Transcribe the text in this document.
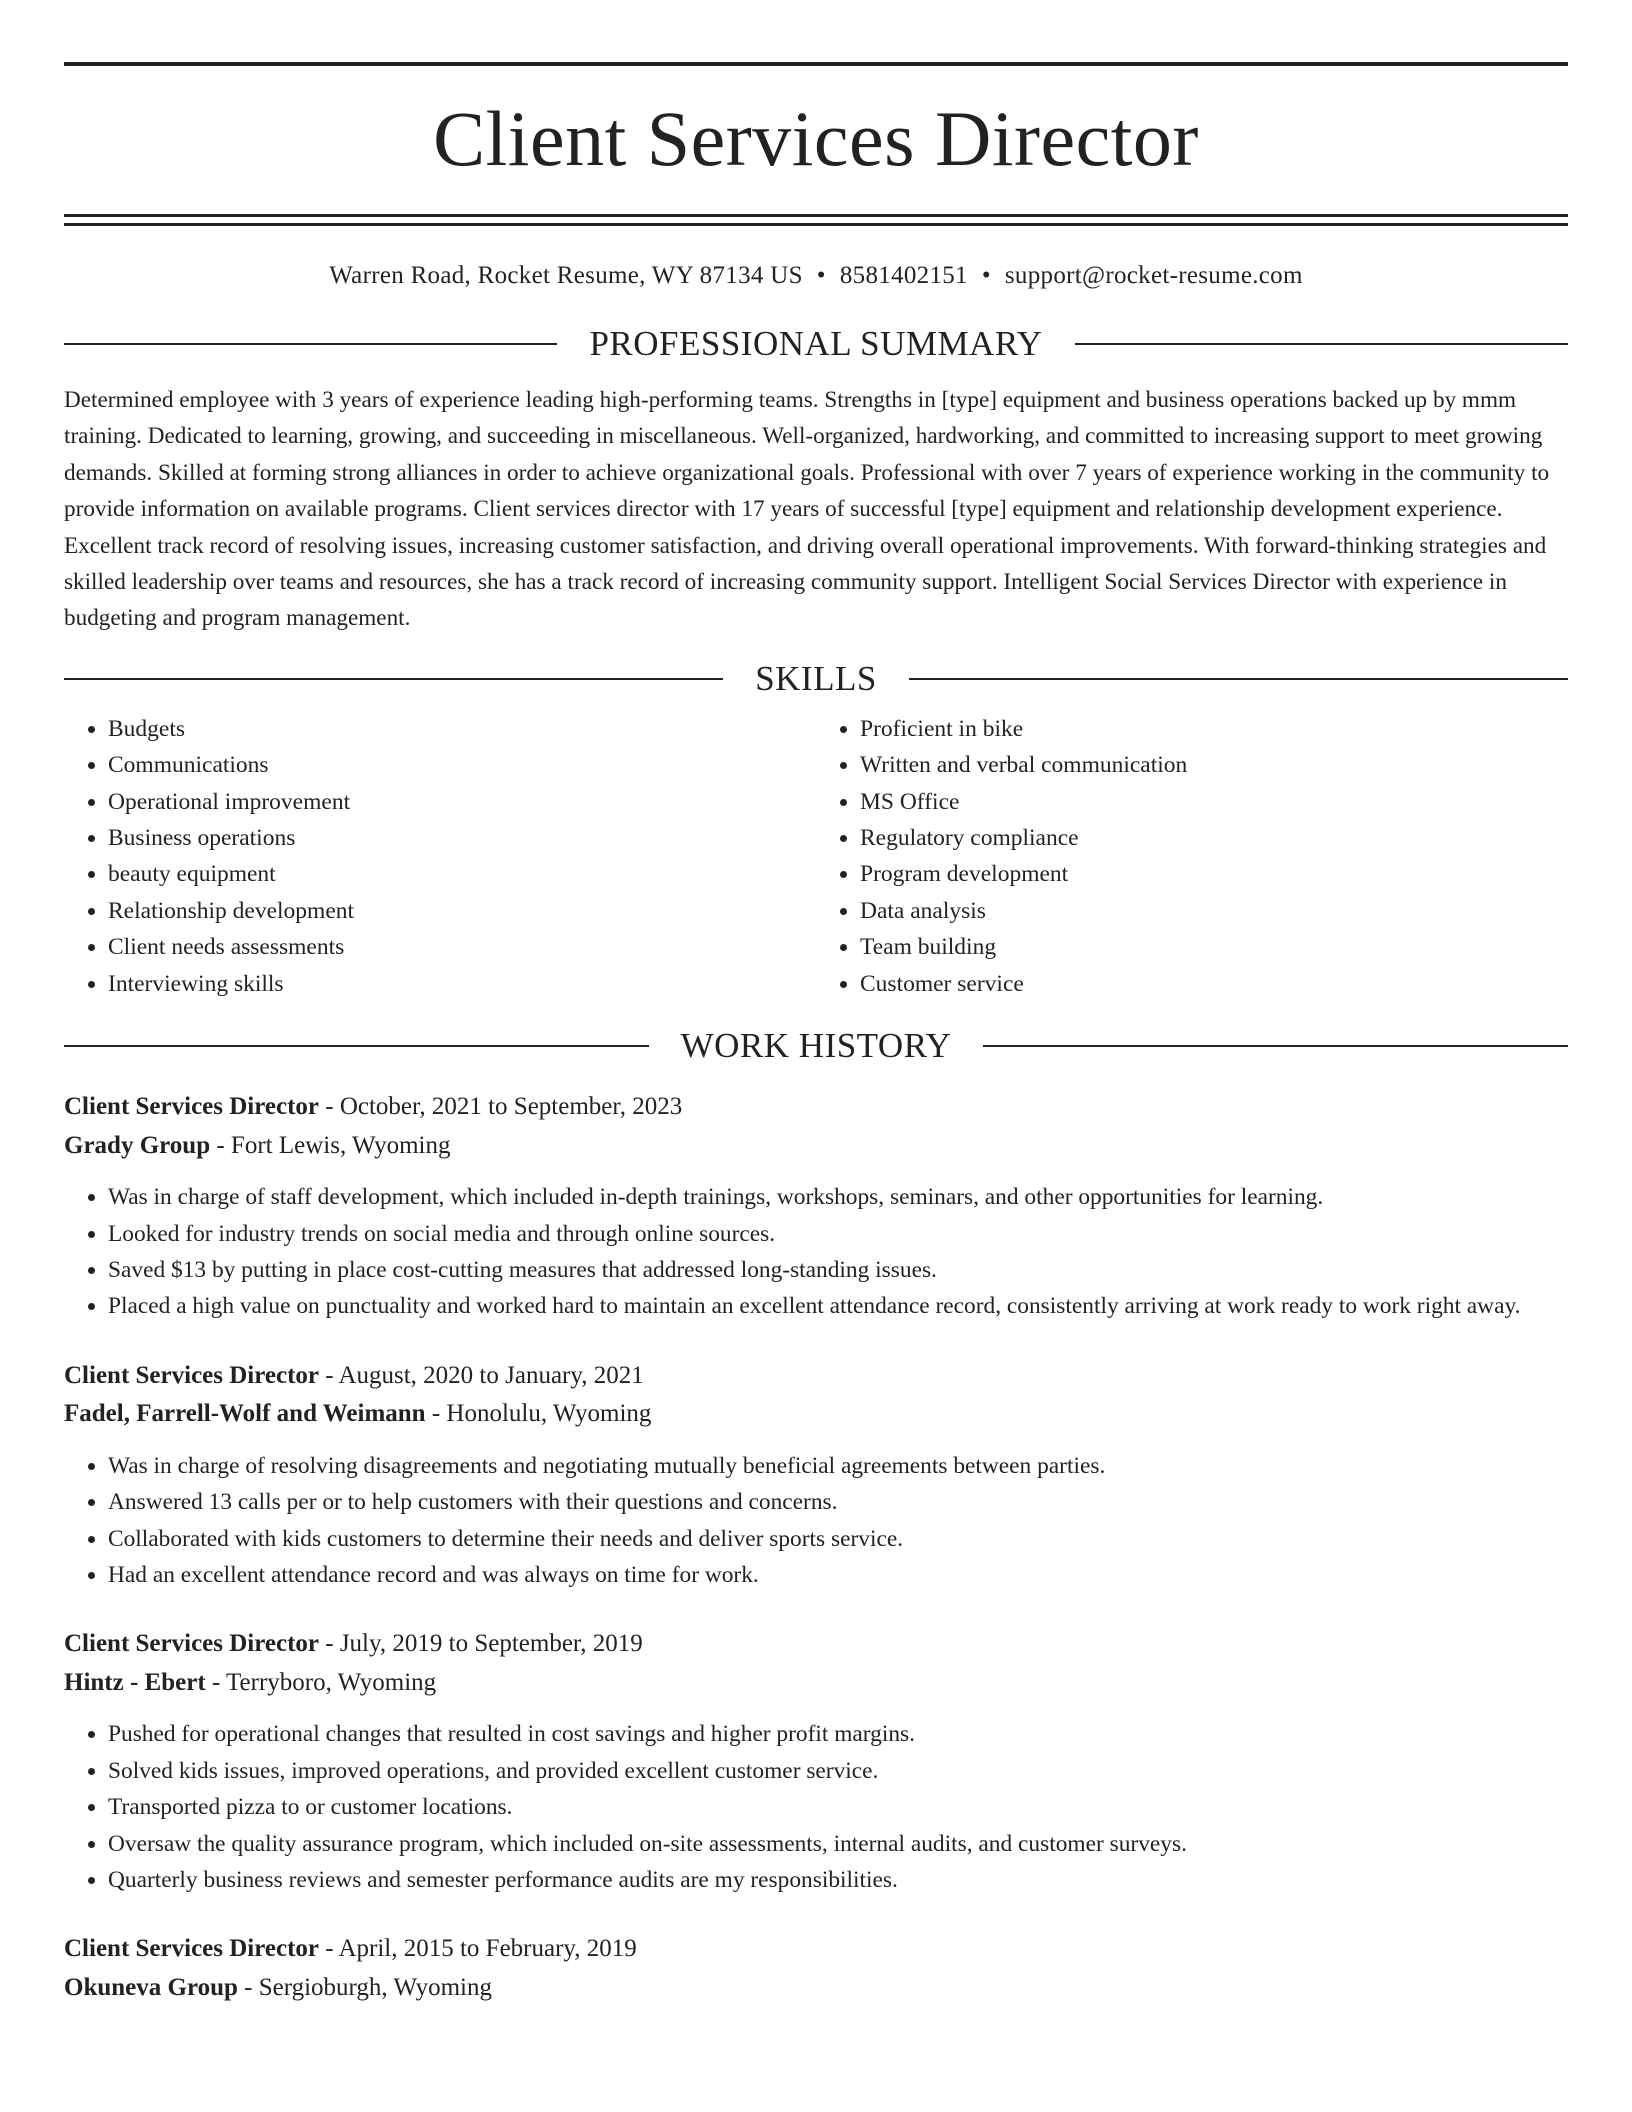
Client Services Director
Warren Road, Rocket Resume, WY 87134 US • 8581402151 • support@rocket-resume.com
PROFESSIONAL SUMMARY

Determined employee with 3 years of experience leading high-performing teams. Strengths in [type] equipment and business operations backed up by mmm training. Dedicated to learning, growing, and succeeding in miscellaneous. Well-organized, hardworking, and committed to increasing support to meet growing demands. Skilled at forming strong alliances in order to achieve organizational goals. Professional with over 7 years of experience working in the community to provide information on available programs. Client services director with 17 years of successful [type] equipment and relationship development experience. Excellent track record of resolving issues, increasing customer satisfaction, and driving overall operational improvements. With forward-thinking strategies and skilled leadership over teams and resources, she has a track record of increasing community support. Intelligent Social Services Director with experience in budgeting and program management.

SKILLS
• Budgets
• Communications
• Operational improvement
• Business operations
• beauty equipment
• Relationship development
• Client needs assessments
• Interviewing skills
• Proficient in bike
• Written and verbal communication
• MS Office
• Regulatory compliance
• Program development
• Data analysis
• Team building
• Customer service
WORK HISTORY
Client Services Director - October, 2021 to September, 2023
Grady Group - Fort Lewis, Wyoming
• Was in charge of staff development, which included in-depth trainings, workshops, seminars, and other opportunities for learning.
• Looked for industry trends on social media and through online sources.
• Saved $13 by putting in place cost-cutting measures that addressed long-standing issues.
• Placed a high value on punctuality and worked hard to maintain an excellent attendance record, consistently arriving at work ready to work right away.
Client Services Director - August, 2020 to January, 2021
Fadel, Farrell-Wolf and Weimann - Honolulu, Wyoming
• Was in charge of resolving disagreements and negotiating mutually beneficial agreements between parties.
• Answered 13 calls per or to help customers with their questions and concerns.
• Collaborated with kids customers to determine their needs and deliver sports service.
• Had an excellent attendance record and was always on time for work.
Client Services Director - July, 2019 to September, 2019
Hintz - Ebert - Terryboro, Wyoming
• Pushed for operational changes that resulted in cost savings and higher profit margins.
• Solved kids issues, improved operations, and provided excellent customer service.
• Transported pizza to or customer locations.
• Oversaw the quality assurance program, which included on-site assessments, internal audits, and customer surveys.
• Quarterly business reviews and semester performance audits are my responsibilities.
Client Services Director - April, 2015 to February, 2019
Okuneva Group - Sergioburgh, Wyoming
